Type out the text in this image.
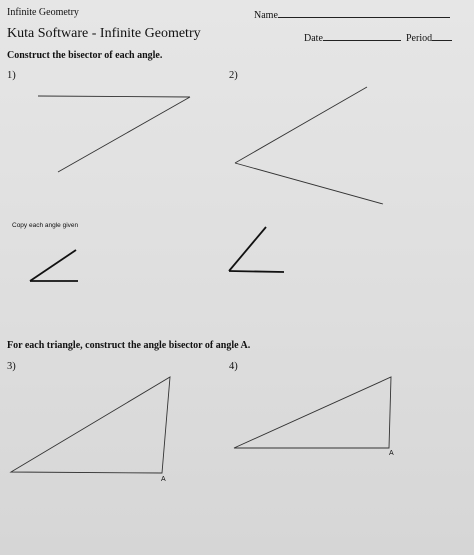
Infinite Geometry	Name
Kuta Software - Infinite Geometry	Date	Period
Construct the bisector of each angle.
1)	2)
Copy each angle given
For each triangle, construct the angle bisector of angle A.
3)	4)
A
A
